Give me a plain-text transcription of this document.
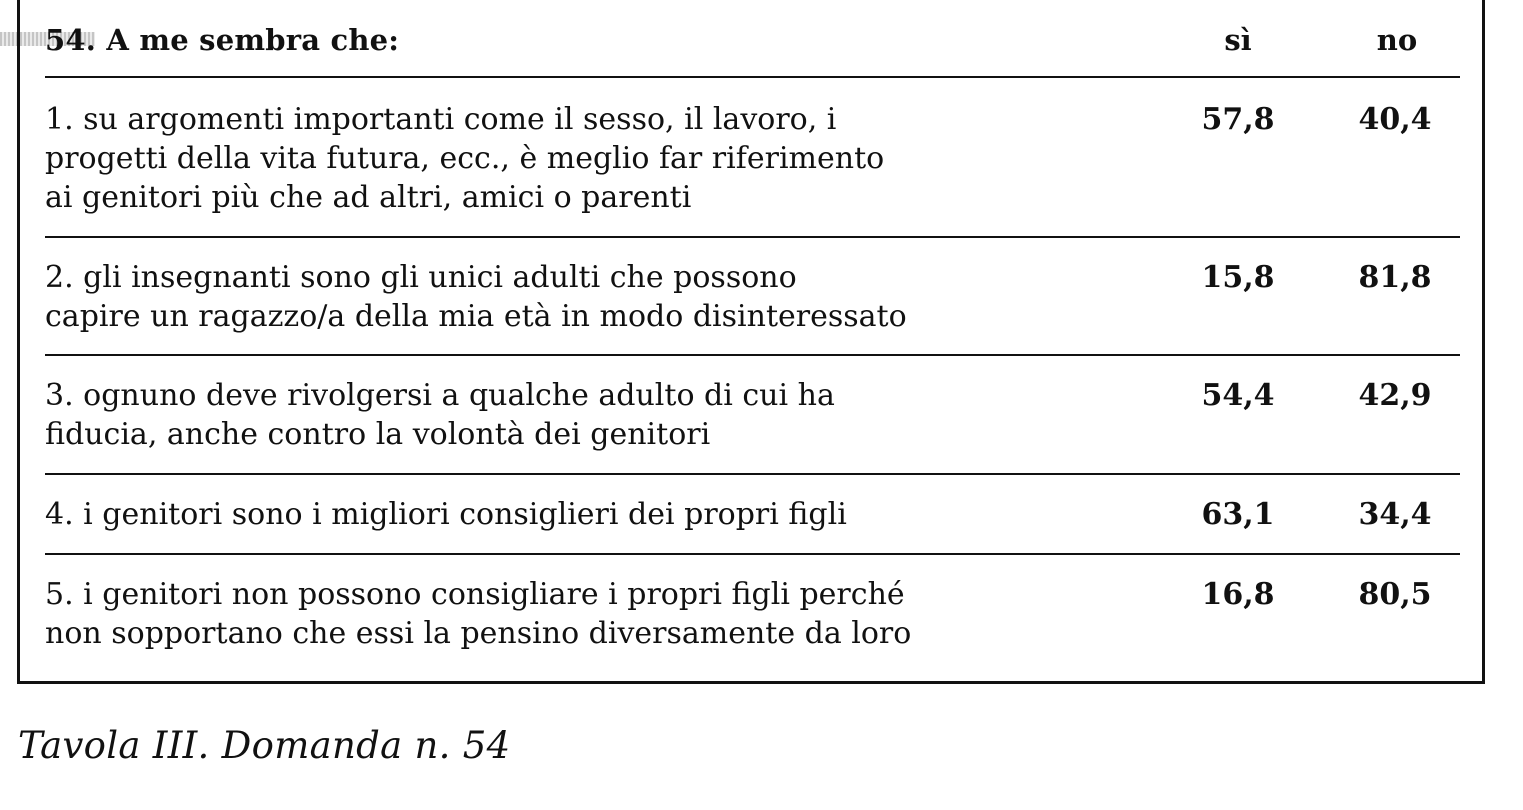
54. A me sembra che:	sì	no
1. su argomenti importanti come il sesso, il lavoro, i
progetti della vita futura, ecc., è meglio far riferimento
ai genitori più che ad altri, amici o parenti
57,8	40,4
2. gli insegnanti sono gli unici adulti che possono
capire un ragazzo/a della mia età in modo disinteressato
15,8	81,8
3. ognuno deve rivolgersi a qualche adulto di cui ha
fiducia, anche contro la volontà dei genitori
54,4	42,9
4. i genitori sono i migliori consiglieri dei propri figli	63,1	34,4
5. i genitori non possono consigliare i propri figli perché
non sopportano che essi la pensino diversamente da loro
16,8	80,5
Tavola III. Domanda n. 54
